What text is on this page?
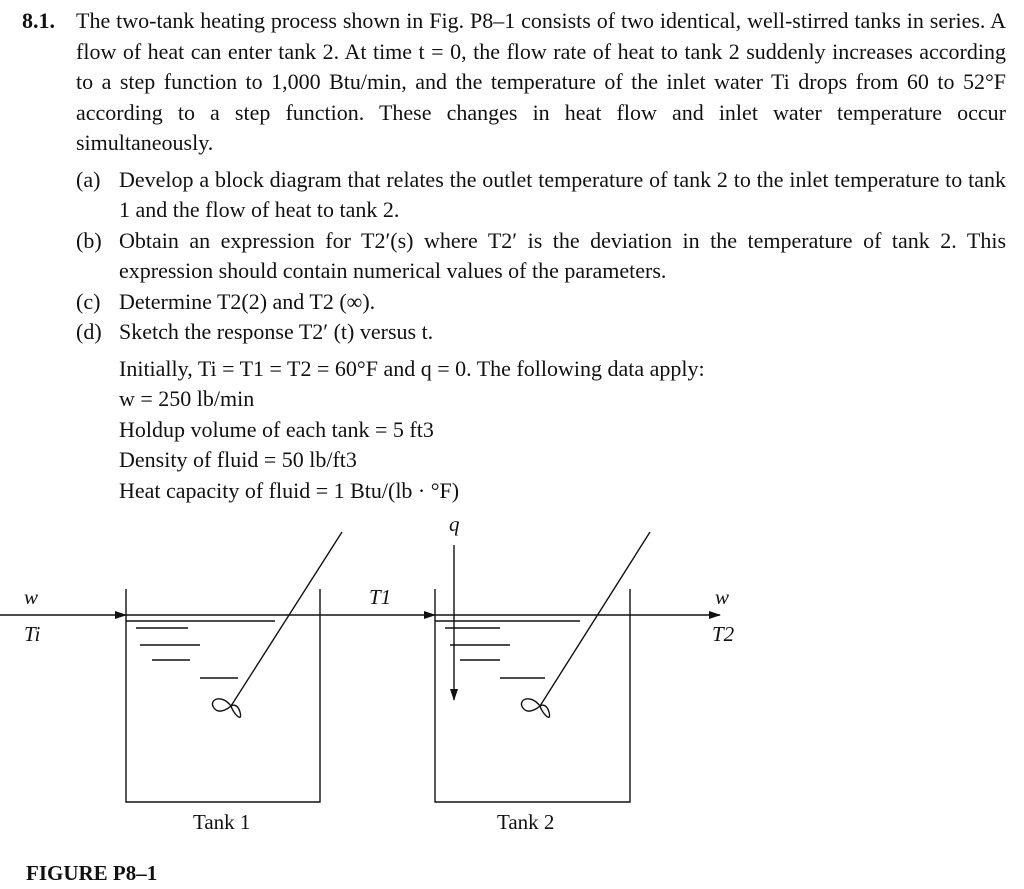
8.1. The two-tank heating process shown in Fig. P8–1 consists of two identical, well-stirred tanks in series. A flow of heat can enter tank 2. At time t = 0, the flow rate of heat to tank 2 suddenly increases according to a step function to 1,000 Btu/min, and the temperature of the inlet water Ti drops from 60 to 52°F according to a step function. These changes in heat flow and inlet water temperature occur simultaneously.
(a) Develop a block diagram that relates the outlet temperature of tank 2 to the inlet temperature to tank 1 and the flow of heat to tank 2.
(b) Obtain an expression for T2′(s) where T2′ is the deviation in the temperature of tank 2. This expression should contain numerical values of the parameters.
(c) Determine T2(2) and T2 (∞).
(d) Sketch the response T2′ (t) versus t.
Initially, Ti = T1 = T2 = 60°F and q = 0. The following data apply:
w = 250 lb/min
Holdup volume of each tank = 5 ft3
Density of fluid = 50 lb/ft3
Heat capacity of fluid = 1 Btu/(lb · °F)
q
w
Ti
T1	w
T2
Tank 1	Tank 2
FIGURE P8–1
